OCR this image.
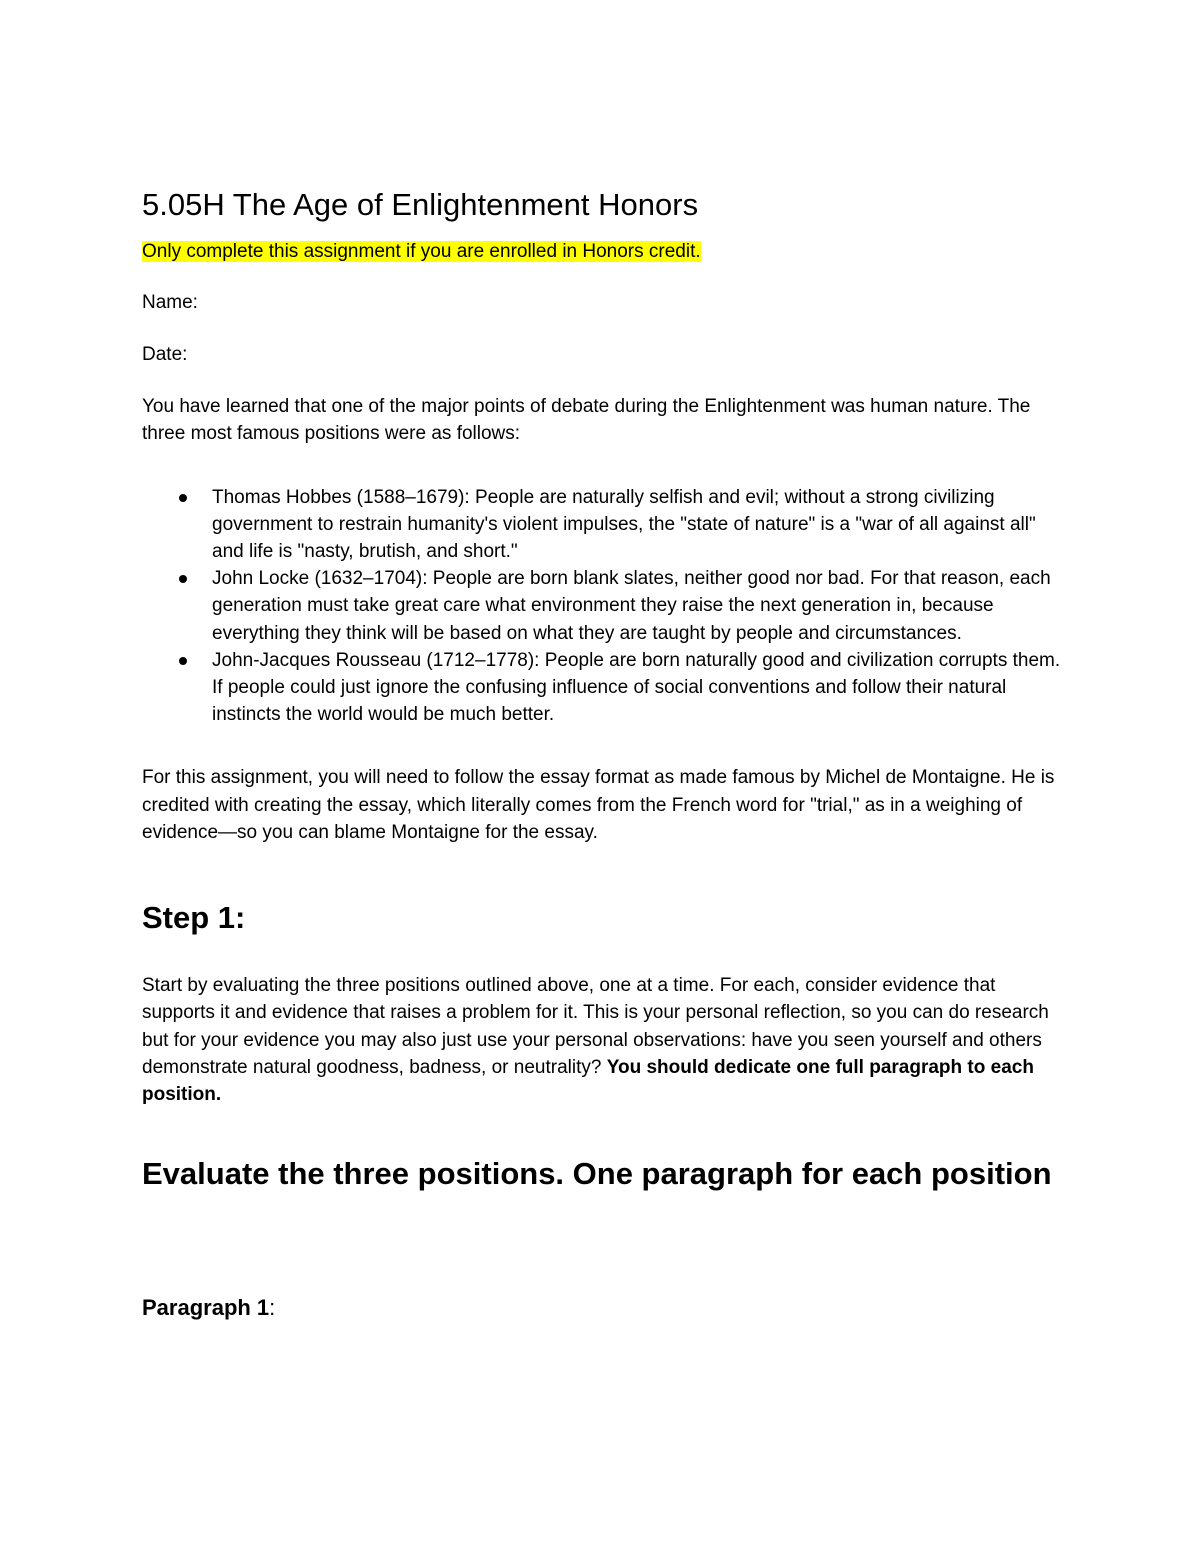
5.05H The Age of Enlightenment Honors

Only complete this assignment if you are enrolled in Honors credit.

Name:

Date:

You have learned that one of the major points of debate during the Enlightenment was human nature. The three most famous positions were as follows:

Thomas Hobbes (1588–1679): People are naturally selfish and evil; without a strong civilizing government to restrain humanity's violent impulses, the "state of nature" is a "war of all against all" and life is "nasty, brutish, and short."
John Locke (1632–1704): People are born blank slates, neither good nor bad. For that reason, each generation must take great care what environment they raise the next generation in, because everything they think will be based on what they are taught by people and circumstances.
John-Jacques Rousseau (1712–1778): People are born naturally good and civilization corrupts them. If people could just ignore the confusing influence of social conventions and follow their natural instincts the world would be much better.

For this assignment, you will need to follow the essay format as made famous by Michel de Montaigne. He is credited with creating the essay, which literally comes from the French word for "trial," as in a weighing of evidence—so you can blame Montaigne for the essay.

Step 1:

Start by evaluating the three positions outlined above, one at a time. For each, consider evidence that supports it and evidence that raises a problem for it. This is your personal reflection, so you can do research but for your evidence you may also just use your personal observations: have you seen yourself and others demonstrate natural goodness, badness, or neutrality? You should dedicate one full paragraph to each position.

Evaluate the three positions. One paragraph for each position

Paragraph 1:
